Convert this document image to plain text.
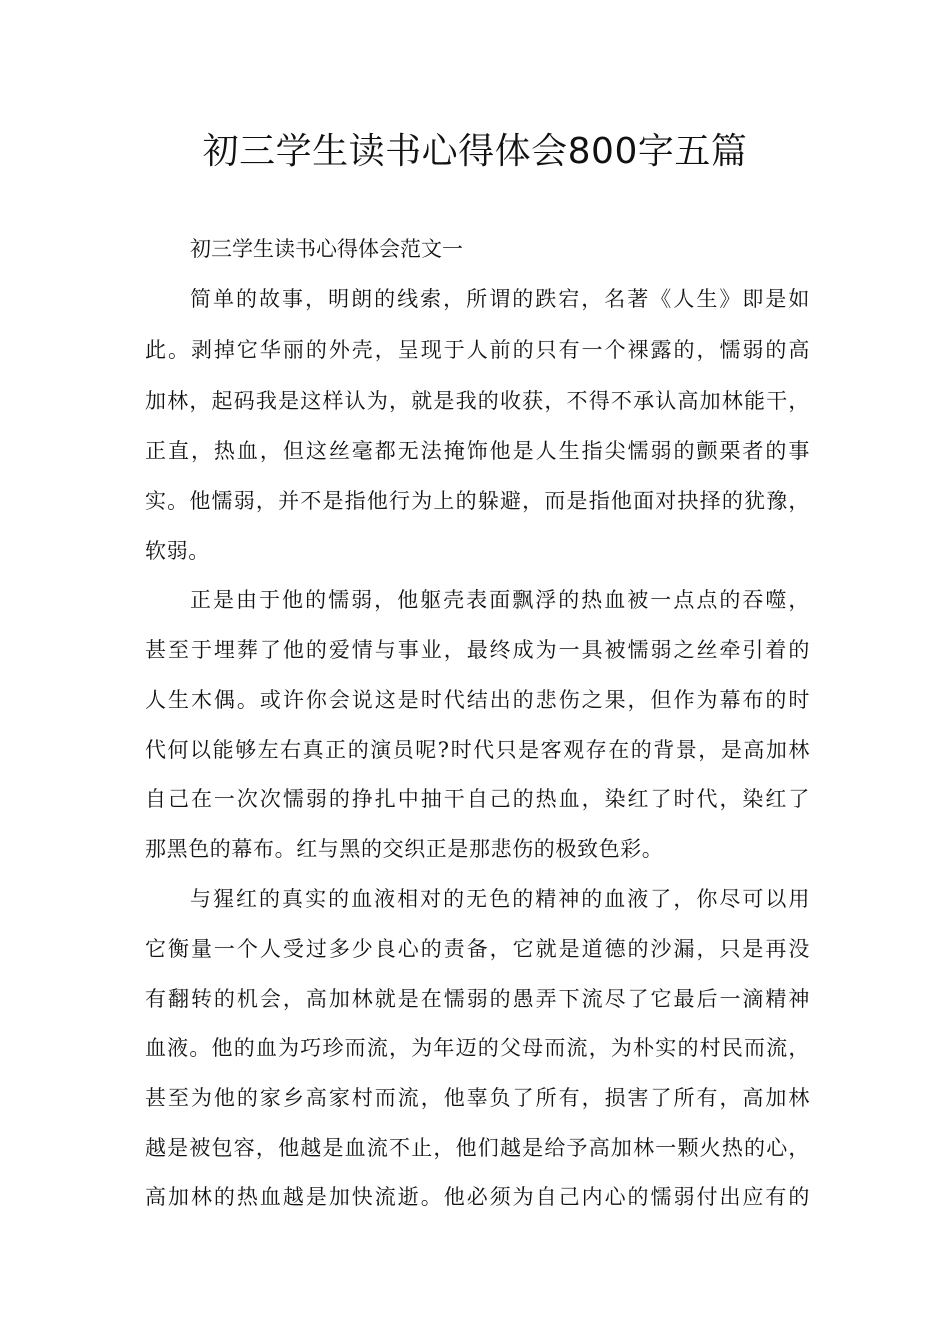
初三学生读书心得体会800字五篇
初三学生读书心得体会范文一
简单的故事，明朗的线索，所谓的跌宕，名著《人生》即是如
此。剥掉它华丽的外壳，呈现于人前的只有一个裸露的，懦弱的高
加林，起码我是这样认为，就是我的收获，不得不承认高加林能干，
正直，热血，但这丝毫都无法掩饰他是人生指尖懦弱的颤栗者的事
实。他懦弱，并不是指他行为上的躲避，而是指他面对抉择的犹豫，
软弱。
正是由于他的懦弱，他躯壳表面飘浮的热血被一点点的吞噬，
甚至于埋葬了他的爱情与事业，最终成为一具被懦弱之丝牵引着的
人生木偶。或许你会说这是时代结出的悲伤之果，但作为幕布的时
代何以能够左右真正的演员呢?时代只是客观存在的背景，是高加林
自己在一次次懦弱的挣扎中抽干自己的热血，染红了时代，染红了
那黑色的幕布。红与黑的交织正是那悲伤的极致色彩。
与猩红的真实的血液相对的无色的精神的血液了，你尽可以用
它衡量一个人受过多少良心的责备，它就是道德的沙漏，只是再没
有翻转的机会，高加林就是在懦弱的愚弄下流尽了它最后一滴精神
血液。他的血为巧珍而流，为年迈的父母而流，为朴实的村民而流，
甚至为他的家乡高家村而流，他辜负了所有，损害了所有，高加林
越是被包容，他越是血流不止，他们越是给予高加林一颗火热的心，
高加林的热血越是加快流逝。他必须为自己内心的懦弱付出应有的
